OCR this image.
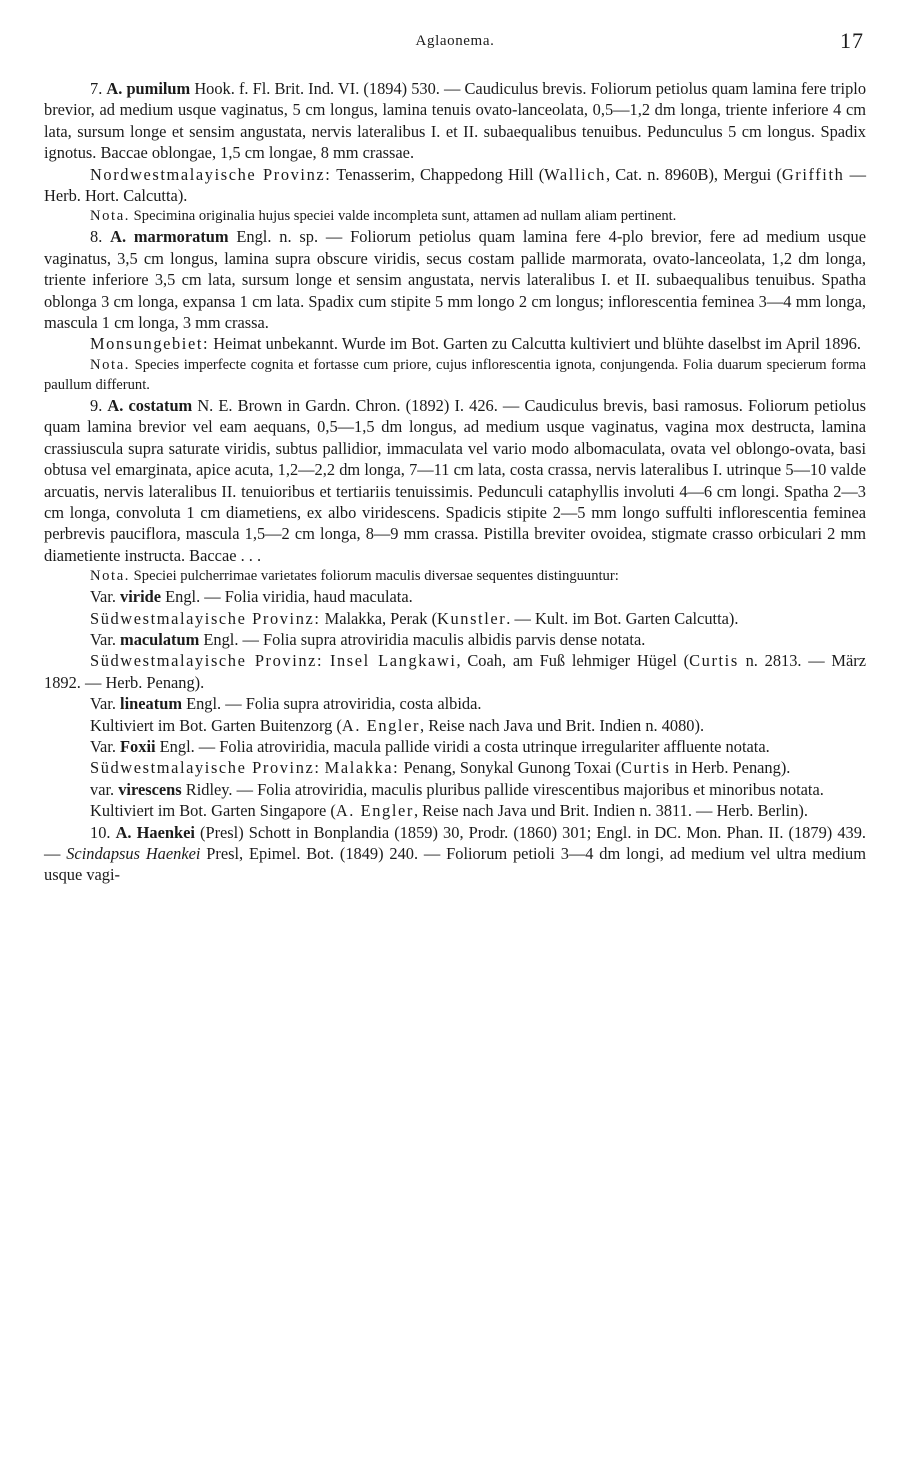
Aglaonema.	17

7. A. pumilum Hook. f. Fl. Brit. Ind. VI. (1894) 530. — Caudiculus brevis. Foliorum petiolus quam lamina fere triplo brevior, ad medium usque vaginatus, 5 cm longus, lamina tenuis ovato-lanceolata, 0,5—1,2 dm longa, triente inferiore 4 cm lata, sursum longe et sensim angustata, nervis lateralibus I. et II. subaequalibus tenuibus. Pedunculus 5 cm longus. Spadix ignotus. Baccae oblongae, 1,5 cm longae, 8 mm crassae.

Nordwestmalayische Provinz: Tenasserim, Chappedong Hill (Wallich, Cat. n. 8960B), Mergui (Griffith — Herb. Hort. Calcutta).

Nota. Specimina originalia hujus speciei valde incompleta sunt, attamen ad nullam aliam pertinent.

8. A. marmoratum Engl. n. sp. — Foliorum petiolus quam lamina fere 4-plo brevior, fere ad medium usque vaginatus, 3,5 cm longus, lamina supra obscure viridis, secus costam pallide marmorata, ovato-lanceolata, 1,2 dm longa, triente inferiore 3,5 cm lata, sursum longe et sensim angustata, nervis lateralibus I. et II. subaequalibus tenuibus. Spatha oblonga 3 cm longa, expansa 1 cm lata. Spadix cum stipite 5 mm longo 2 cm longus; inflorescentia feminea 3—4 mm longa, mascula 1 cm longa, 3 mm crassa.

Monsungebiet: Heimat unbekannt. Wurde im Bot. Garten zu Calcutta kultiviert und blühte daselbst im April 1896.

Nota. Species imperfecte cognita et fortasse cum priore, cujus inflorescentia ignota, conjungenda. Folia duarum specierum forma paullum differunt.

9. A. costatum N. E. Brown in Gardn. Chron. (1892) I. 426. — Caudiculus brevis, basi ramosus. Foliorum petiolus quam lamina brevior vel eam aequans, 0,5—1,5 dm longus, ad medium usque vaginatus, vagina mox destructa, lamina crassiuscula supra saturate viridis, subtus pallidior, immaculata vel vario modo albomaculata, ovata vel oblongo-ovata, basi obtusa vel emarginata, apice acuta, 1,2—2,2 dm longa, 7—11 cm lata, costa crassa, nervis lateralibus I. utrinque 5—10 valde arcuatis, nervis lateralibus II. tenuioribus et tertiariis tenuissimis. Pedunculi cataphyllis involuti 4—6 cm longi. Spatha 2—3 cm longa, convoluta 1 cm diametiens, ex albo viridescens. Spadicis stipite 2—5 mm longo suffulti inflorescentia feminea perbrevis pauciflora, mascula 1,5—2 cm longa, 8—9 mm crassa. Pistilla breviter ovoidea, stigmate crasso orbiculari 2 mm diametiente instructa. Baccae . . .

Nota. Speciei pulcherrimae varietates foliorum maculis diversae sequentes distinguuntur:

Var. viride Engl. — Folia viridia, haud maculata.

Südwestmalayische Provinz: Malakka, Perak (Kunstler. — Kult. im Bot. Garten Calcutta).

Var. maculatum Engl. — Folia supra atroviridia maculis albidis parvis dense notata.

Südwestmalayische Provinz: Insel Langkawi, Coah, am Fuß lehmiger Hügel (Curtis n. 2813. — März 1892. — Herb. Penang).

Var. lineatum Engl. — Folia supra atroviridia, costa albida.

Kultiviert im Bot. Garten Buitenzorg (A. Engler, Reise nach Java und Brit. Indien n. 4080).

Var. Foxii Engl. — Folia atroviridia, macula pallide viridi a costa utrinque irregulariter affluente notata.

Südwestmalayische Provinz: Malakka: Penang, Sonykal Gunong Toxai (Curtis in Herb. Penang).

var. virescens Ridley. — Folia atroviridia, maculis pluribus pallide virescentibus majoribus et minoribus notata.

Kultiviert im Bot. Garten Singapore (A. Engler, Reise nach Java und Brit. Indien n. 3811. — Herb. Berlin).

10. A. Haenkei (Presl) Schott in Bonplandia (1859) 30, Prodr. (1860) 301; Engl. in DC. Mon. Phan. II. (1879) 439. — Scindapsus Haenkei Presl, Epimel. Bot. (1849) 240. — Foliorum petioli 3—4 dm longi, ad medium vel ultra medium usque vagi-
